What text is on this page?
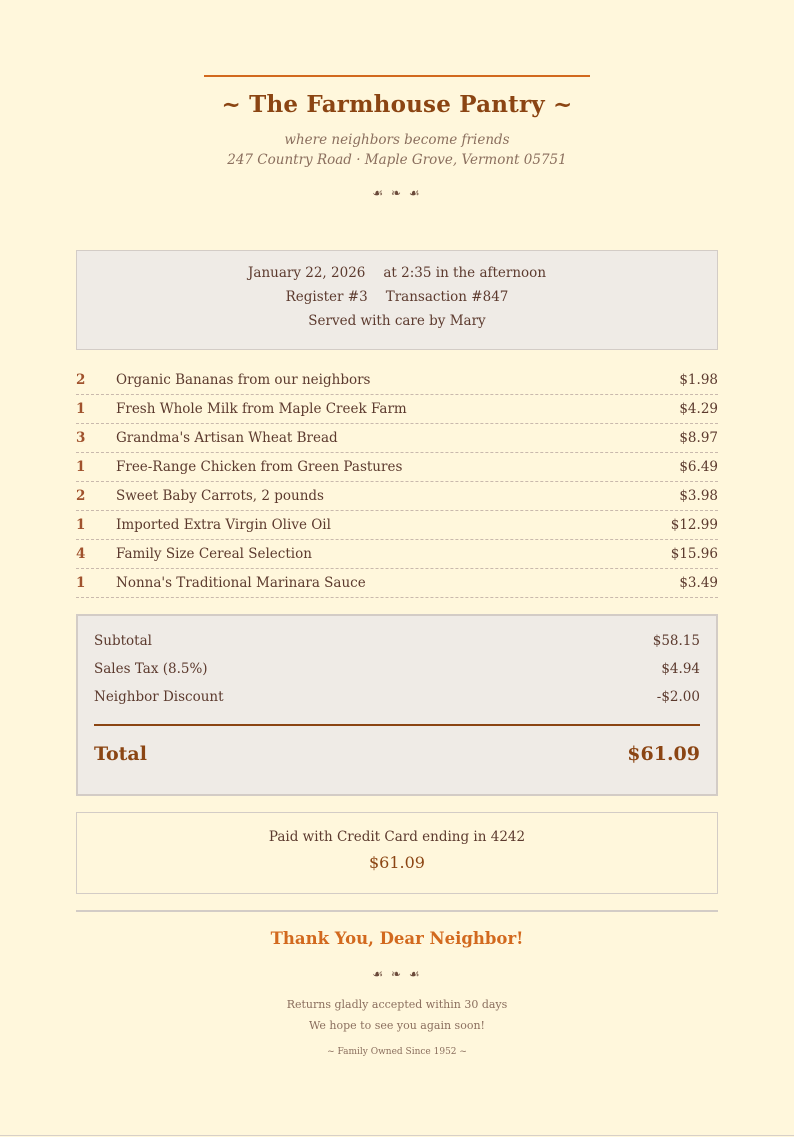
~ The Farmhouse Pantry ~
where neighbors become friends
247 Country Road · Maple Grove, Vermont 05751
☙ ❧ ☙
January 22, 2026 at 2:35 in the afternoon
Register #3 Transaction #847
Served with care by Mary
2	Organic Bananas from our neighbors	$1.98
1	Fresh Whole Milk from Maple Creek Farm	$4.29
3	Grandma's Artisan Wheat Bread	$8.97
1	Free-Range Chicken from Green Pastures	$6.49
2	Sweet Baby Carrots, 2 pounds	$3.98
1	Imported Extra Virgin Olive Oil	$12.99
4	Family Size Cereal Selection	$15.96
1	Nonna's Traditional Marinara Sauce	$3.49
Subtotal	$58.15
Sales Tax (8.5%)	$4.94
Neighbor Discount	-$2.00
Total	$61.09
Paid with Credit Card ending in 4242
$61.09
Thank You, Dear Neighbor!
☙ ❧ ☙
Returns gladly accepted within 30 days
We hope to see you again soon!
~ Family Owned Since 1952 ~
